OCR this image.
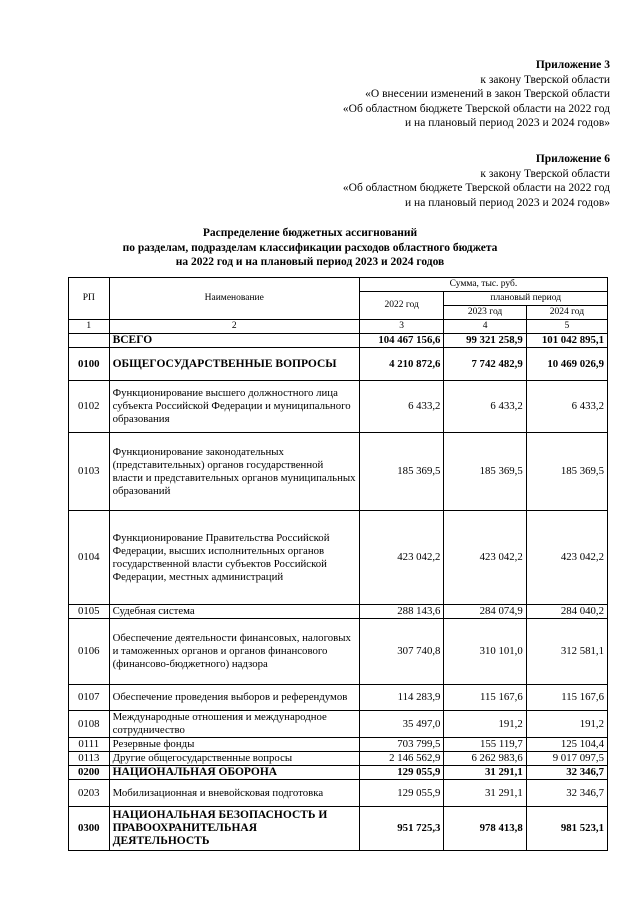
Приложение 3
к закону Тверской области
«О внесении изменений в закон Тверской области
«Об областном бюджете Тверской области на 2022 год
и на плановый период 2023 и 2024 годов»
Приложение 6
к закону Тверской области
«Об областном бюджете Тверской области на 2022 год
и на плановый период 2023 и 2024 годов»
Распределение бюджетных ассигнований
по разделам, подразделам классификации расходов областного бюджета
на 2022 год и на плановый период 2023 и 2024 годов
РП	Наименование	Сумма, тыс. руб.		
		2022 год	плановый период	
			2023 год	2024 год
1	2	3	4	5
	ВСЕГО	104 467 156,6	99 321 258,9	101 042 895,1
0100	ОБЩЕГОСУДАРСТВЕННЫЕ ВОПРОСЫ	4 210 872,6	7 742 482,9	10 469 026,9
0102	Функционирование высшего должностного лица субъекта Российской Федерации и муниципального образования	6 433,2	6 433,2	6 433,2
0103	Функционирование законодательных (представительных) органов государственной власти и представительных органов муниципальных образований	185 369,5	185 369,5	185 369,5
0104	Функционирование Правительства Российской Федерации, высших исполнительных органов государственной власти субъектов Российской Федерации, местных администраций	423 042,2	423 042,2	423 042,2
0105	Судебная система	288 143,6	284 074,9	284 040,2
0106	Обеспечение деятельности финансовых, налоговых и таможенных органов и органов финансового (финансово-бюджетного) надзора	307 740,8	310 101,0	312 581,1
0107	Обеспечение проведения выборов и референдумов	114 283,9	115 167,6	115 167,6
0108	Международные отношения и международное сотрудничество	35 497,0	191,2	191,2
0111	Резервные фонды	703 799,5	155 119,7	125 104,4
0113	Другие общегосударственные вопросы	2 146 562,9	6 262 983,6	9 017 097,5
0200	НАЦИОНАЛЬНАЯ ОБОРОНА	129 055,9	31 291,1	32 346,7
0203	Мобилизационная и вневойсковая подготовка	129 055,9	31 291,1	32 346,7
0300	НАЦИОНАЛЬНАЯ БЕЗОПАСНОСТЬ И ПРАВООХРАНИТЕЛЬНАЯ ДЕЯТЕЛЬНОСТЬ	951 725,3	978 413,8	981 523,1
